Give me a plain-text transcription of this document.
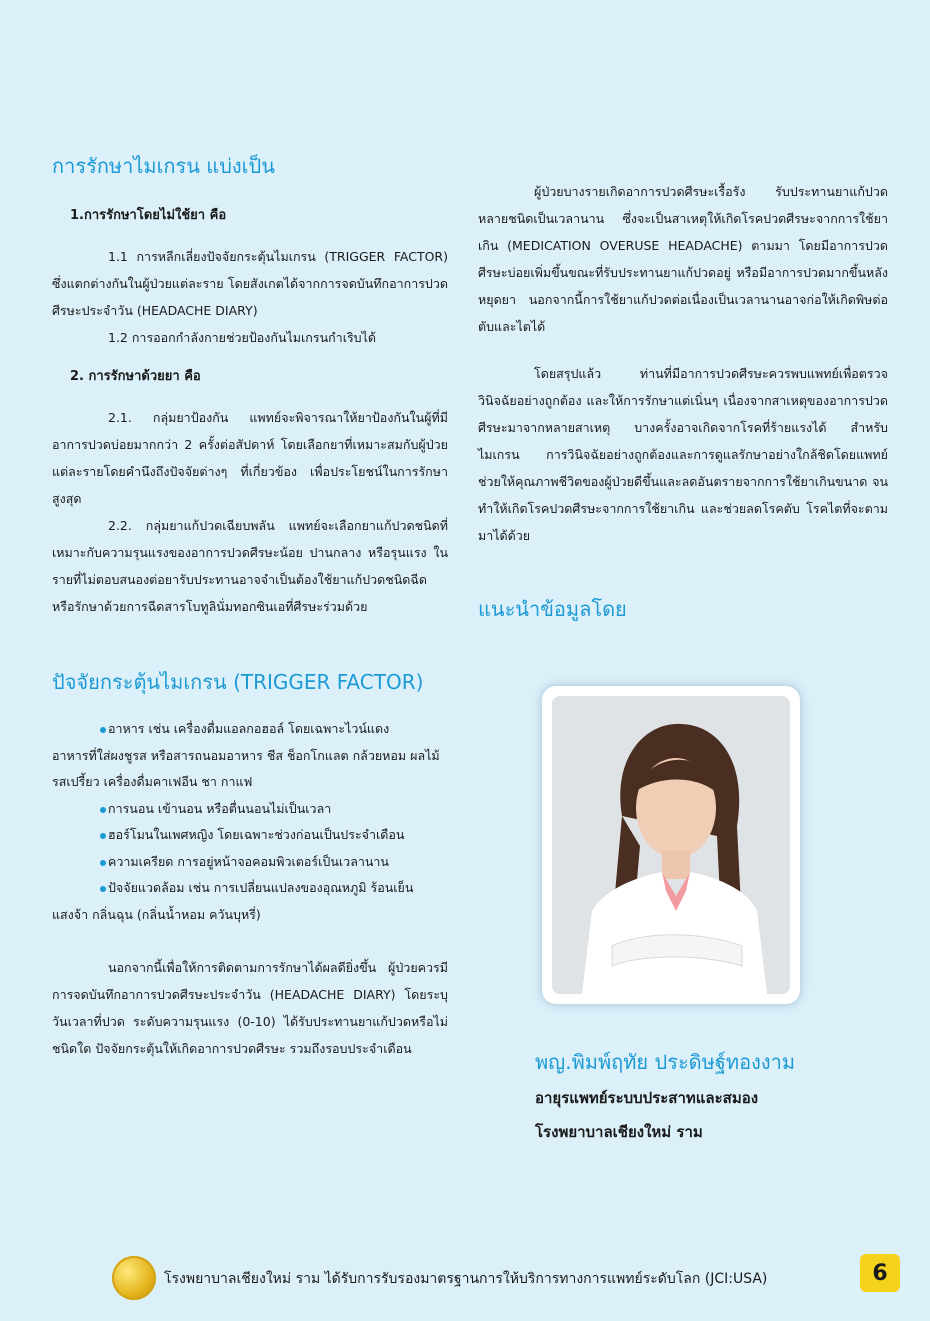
การรักษาไมเกรน แบ่งเป็น
1.การรักษาโดยไม่ใช้ยา คือ

1.1 การหลีกเลี่ยงปัจจัยกระตุ้นไมเกรน (TRIGGER FACTOR) ซึ่งแตกต่างกันในผู้ป่วยแต่ละราย โดยสังเกตได้จากการจดบันทึกอาการปวดศีรษะประจำวัน (HEADACHE DIARY)

1.2 การออกกำลังกายช่วยป้องกันไมเกรนกำเริบได้

2. การรักษาด้วยยา คือ

2.1. กลุ่มยาป้องกัน แพทย์จะพิจารณาให้ยาป้องกันในผู้ที่มีอาการปวดบ่อยมากกว่า 2 ครั้งต่อสัปดาห์ โดยเลือกยาที่เหมาะสมกับผู้ป่วยแต่ละรายโดยคำนึงถึงปัจจัยต่างๆ ที่เกี่ยวข้อง เพื่อประโยชน์ในการรักษาสูงสุด

2.2. กลุ่มยาแก้ปวดเฉียบพลัน แพทย์จะเลือกยาแก้ปวดชนิดที่เหมาะกับความรุนแรงของอาการปวดศีรษะน้อย ปานกลาง หรือรุนแรง ในรายที่ไม่ตอบสนองต่อยารับประทานอาจจำเป็นต้องใช้ยาแก้ปวดชนิดฉีด หรือรักษาด้วยการฉีดสารโบทูลินั่มทอกซินเอที่ศีรษะร่วมด้วย

ปัจจัยกระตุ้นไมเกรน (TRIGGER FACTOR)
อาหาร เช่น เครื่องดื่มแอลกอฮอล์ โดยเฉพาะไวน์แดง
อาหารที่ใส่ผงชูรส หรือสารถนอมอาหาร ชีส ช็อกโกแลต กล้วยหอม ผลไม้รสเปรี้ยว เครื่องดื่มคาเฟอีน ชา กาแฟ
การนอน เข้านอน หรือตื่นนอนไม่เป็นเวลา
ฮอร์โมนในเพศหญิง โดยเฉพาะช่วงก่อนเป็นประจำเดือน
ความเครียด การอยู่หน้าจอคอมพิวเตอร์เป็นเวลานาน
ปัจจัยแวดล้อม เช่น การเปลี่ยนแปลงของอุณหภูมิ ร้อนเย็น
แสงจ้า กลิ่นฉุน (กลิ่นน้ำหอม ควันบุหรี่)

นอกจากนี้เพื่อให้การติดตามการรักษาได้ผลดียิ่งขึ้น ผู้ป่วยควรมีการจดบันทึกอาการปวดศีรษะประจำวัน (HEADACHE DIARY) โดยระบุวันเวลาที่ปวด ระดับความรุนแรง (0-10) ได้รับประทานยาแก้ปวดหรือไม่ ชนิดใด ปัจจัยกระตุ้นให้เกิดอาการปวดศีรษะ รวมถึงรอบประจำเดือน

ผู้ป่วยบางรายเกิดอาการปวดศีรษะเรื้อรัง รับประทานยาแก้ปวดหลายชนิดเป็นเวลานาน ซึ่งจะเป็นสาเหตุให้เกิดโรคปวดศีรษะจากการใช้ยาเกิน (MEDICATION OVERUSE HEADACHE) ตามมา โดยมีอาการปวดศีรษะบ่อยเพิ่มขึ้นขณะที่รับประทานยาแก้ปวดอยู่ หรือมีอาการปวดมากขึ้นหลังหยุดยา นอกจากนี้การใช้ยาแก้ปวดต่อเนื่องเป็นเวลานานอาจก่อให้เกิดพิษต่อตับและไตได้

โดยสรุปแล้ว ท่านที่มีอาการปวดศีรษะควรพบแพทย์เพื่อตรวจวินิจฉัยอย่างถูกต้อง และให้การรักษาแต่เนิ่นๆ เนื่องจากสาเหตุของอาการปวดศีรษะมาจากหลายสาเหตุ บางครั้งอาจเกิดจากโรคที่ร้ายแรงได้ สำหรับไมเกรน การวินิจฉัยอย่างถูกต้องและการดูแลรักษาอย่างใกล้ชิดโดยแพทย์ช่วยให้คุณภาพชีวิตของผู้ป่วยดีขึ้นและลดอันตรายจากการใช้ยาเกินขนาด จนทำให้เกิดโรคปวดศีรษะจากการใช้ยาเกิน และช่วยลดโรคตับ โรคไตที่จะตามมาได้ด้วย

แนะนำข้อมูลโดย
พญ.พิมพ์ฤทัย ประดิษฐ์ทองงาม
อายุรแพทย์ระบบประสาทและสมอง
โรงพยาบาลเชียงใหม่ ราม
โรงพยาบาลเชียงใหม่ ราม ได้รับการรับรองมาตรฐานการให้บริการทางการแพทย์ระดับโลก (JCI:USA)	6
